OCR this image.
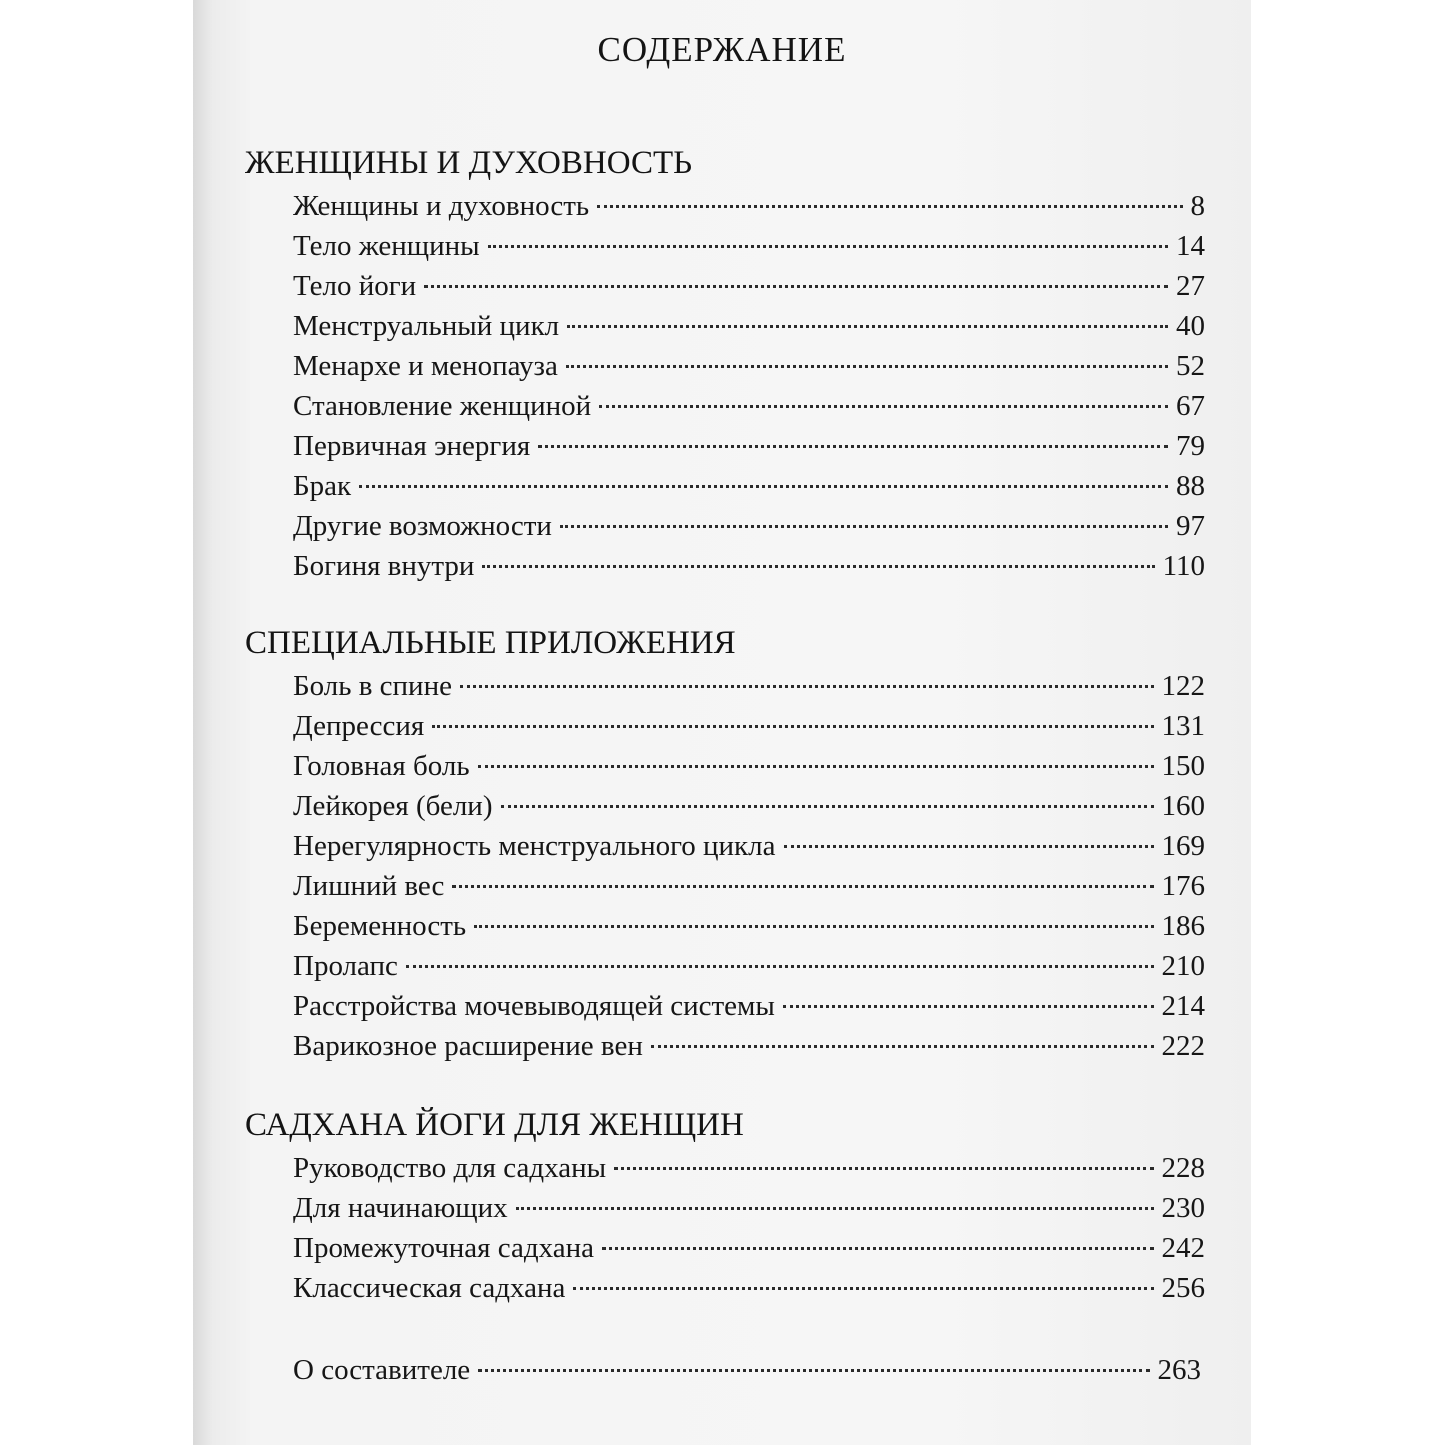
СОДЕРЖАНИЕ
ЖЕНЩИНЫ И ДУХОВНОСТЬ
Женщины и духовность	8
Тело женщины	14
Тело йоги	27
Менструальный цикл	40
Менархе и менопауза	52
Становление женщиной	67
Первичная энергия	79
Брак	88
Другие возможности	97
Богиня внутри	110
СПЕЦИАЛЬНЫЕ ПРИЛОЖЕНИЯ
Боль в спине	122
Депрессия	131
Головная боль	150
Лейкорея (бели)	160
Нерегулярность менструального цикла	169
Лишний вес	176
Беременность	186
Пролапс	210
Расстройства мочевыводящей системы	214
Варикозное расширение вен	222
САДХАНА ЙОГИ ДЛЯ ЖЕНЩИН
Руководство для садханы	228
Для начинающих	230
Промежуточная садхана	242
Классическая садхана	256
О составителе	263
